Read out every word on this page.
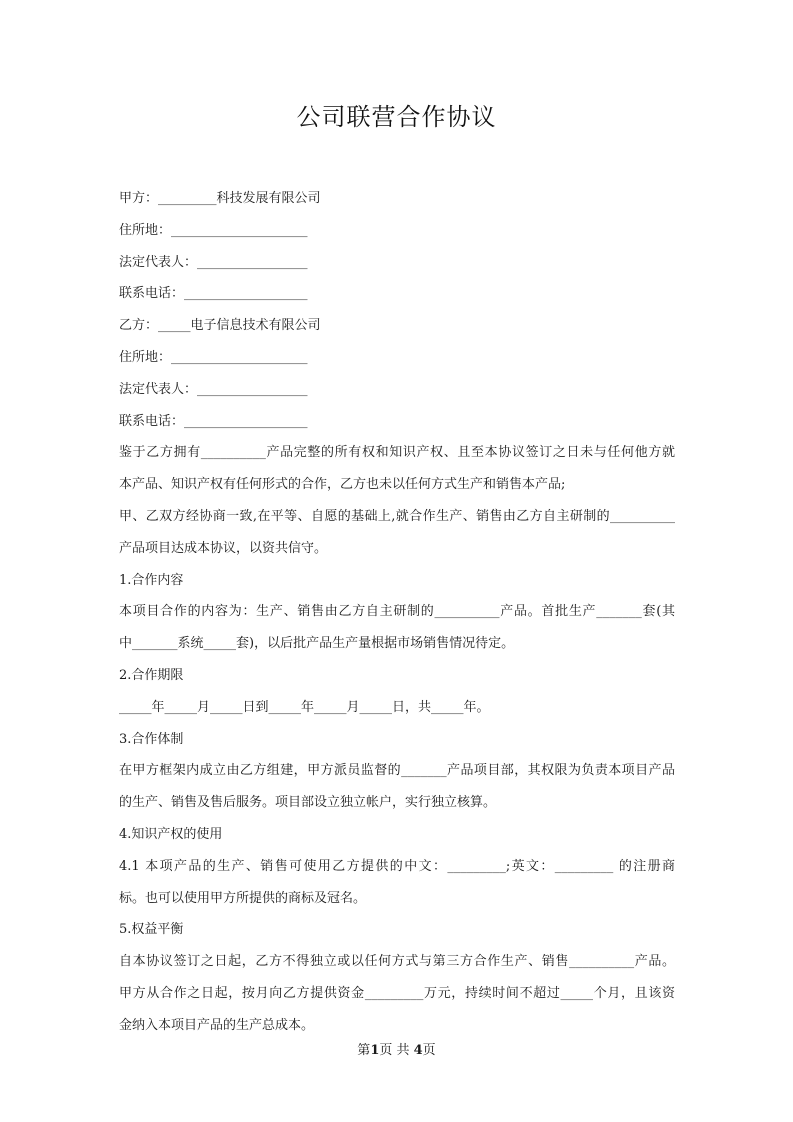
公司联营合作协议
甲方：_________科技发展有限公司
住所地：_____________________
法定代表人：_________________
联系电话：___________________
乙方：_____电子信息技术有限公司
住所地：_____________________
法定代表人：_________________
联系电话：___________________
鉴于乙方拥有__________产品完整的所有权和知识产权、且至本协议签订之日未与任何他方就
本产品、知识产权有任何形式的合作，乙方也未以任何方式生产和销售本产品;
甲、乙双方经协商一致,在平等、自愿的基础上,就合作生产、销售由乙方自主研制的__________
产品项目达成本协议，以资共信守。
1.合作内容
本项目合作的内容为：生产、销售由乙方自主研制的__________产品。首批生产_______套(其
中_______系统_____套)，以后批产品生产量根据市场销售情况待定。
2.合作期限
_____年_____月_____日到_____年_____月_____日，共_____年。
3.合作体制
在甲方框架内成立由乙方组建，甲方派员监督的_______产品项目部，其权限为负责本项目产品
的生产、销售及售后服务。项目部设立独立帐户，实行独立核算。
4.知识产权的使用
4.1 本项产品的生产、销售可使用乙方提供的中文：_________;英文：_________ 的注册商
标。也可以使用甲方所提供的商标及冠名。
5.权益平衡
自本协议签订之日起，乙方不得独立或以任何方式与第三方合作生产、销售__________产品。
甲方从合作之日起，按月向乙方提供资金_________万元，持续时间不超过_____个月，且该资
金纳入本项目产品的生产总成本。
第1页 共 4页
